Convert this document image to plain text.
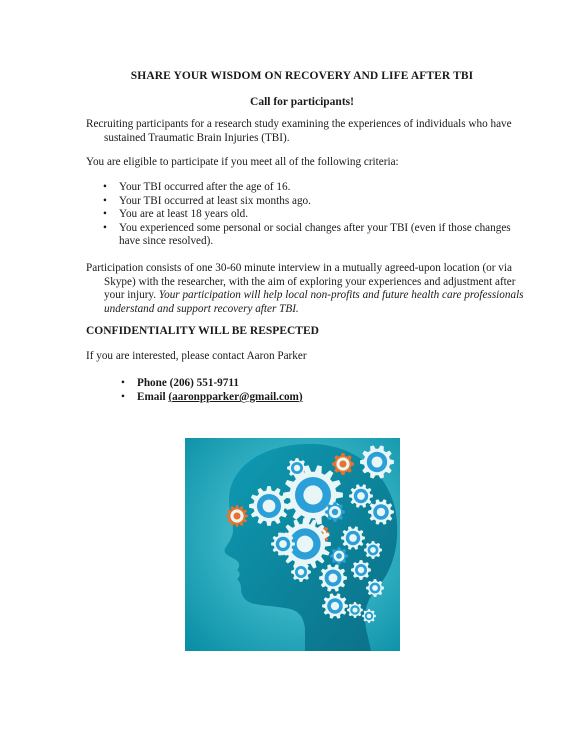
SHARE YOUR WISDOM ON RECOVERY AND LIFE AFTER TBI
Call for participants!

Recruiting participants for a research study examining the experiences of individuals who have sustained Traumatic Brain Injuries (TBI).

You are eligible to participate if you meet all of the following criteria:

• Your TBI occurred after the age of 16.
• Your TBI occurred at least six months ago.
• You are at least 18 years old.
• You experienced some personal or social changes after your TBI (even if those changes have since resolved).

Participation consists of one 30-60 minute interview in a mutually agreed-upon location (or via Skype) with the researcher, with the aim of exploring your experiences and adjustment after your injury. Your participation will help local non-profits and future health care professionals understand and support recovery after TBI.

CONFIDENTIALITY WILL BE RESPECTED

If you are interested, please contact Aaron Parker

• Phone (206) 551-9711
• Email (aaronpparker@gmail.com)
